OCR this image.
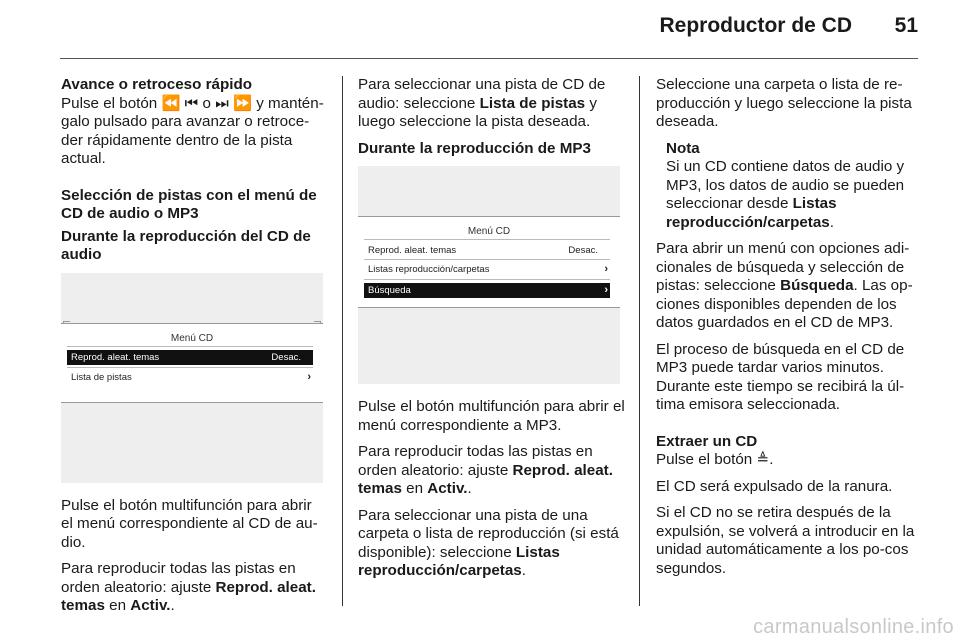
Reproductor de CD	51
Avance o retroceso rápido

Pulse el botón ⏪ ⏮ o ⏭ ⏩ y mantén-galo pulsado para avanzar o retroce-der rápidamente dentro de la pista actual.

Selección de pistas con el menú de CD de audio o MP3
Durante la reproducción del CD de audio
Menú CD
Reprod. aleat. temas	Desac.
Lista de pistas	›

Pulse el botón multifunción para abrir el menú correspondiente al CD de au-dio.

Para reproducir todas las pistas en orden aleatorio: ajuste Reprod. aleat. temas en Activ..

Para seleccionar una pista de CD de audio: seleccione Lista de pistas y luego seleccione la pista deseada.

Durante la reproducción de MP3
Menú CD
Reprod. aleat. temas	Desac.
Listas reproducción/carpetas	›
Búsqueda	›

Pulse el botón multifunción para abrir el menú correspondiente a MP3.

Para reproducir todas las pistas en orden aleatorio: ajuste Reprod. aleat. temas en Activ..

Para seleccionar una pista de una carpeta o lista de reproducción (si está disponible): seleccione Listas reproducción/carpetas.

Seleccione una carpeta o lista de re-producción y luego seleccione la pista deseada.

Nota
Si un CD contiene datos de audio y MP3, los datos de audio se pueden seleccionar desde Listas reproducción/carpetas.

Para abrir un menú con opciones adi-cionales de búsqueda y selección de pistas: seleccione Búsqueda. Las op-ciones disponibles dependen de los datos guardados en el CD de MP3.

El proceso de búsqueda en el CD de MP3 puede tardar varios minutos. Durante este tiempo se recibirá la úl-tima emisora seleccionada.

Extraer un CD

Pulse el botón ≜.

El CD será expulsado de la ranura.

Si el CD no se retira después de la expulsión, se volverá a introducir en la unidad automáticamente a los po-cos segundos.

carmanualsonline.info
